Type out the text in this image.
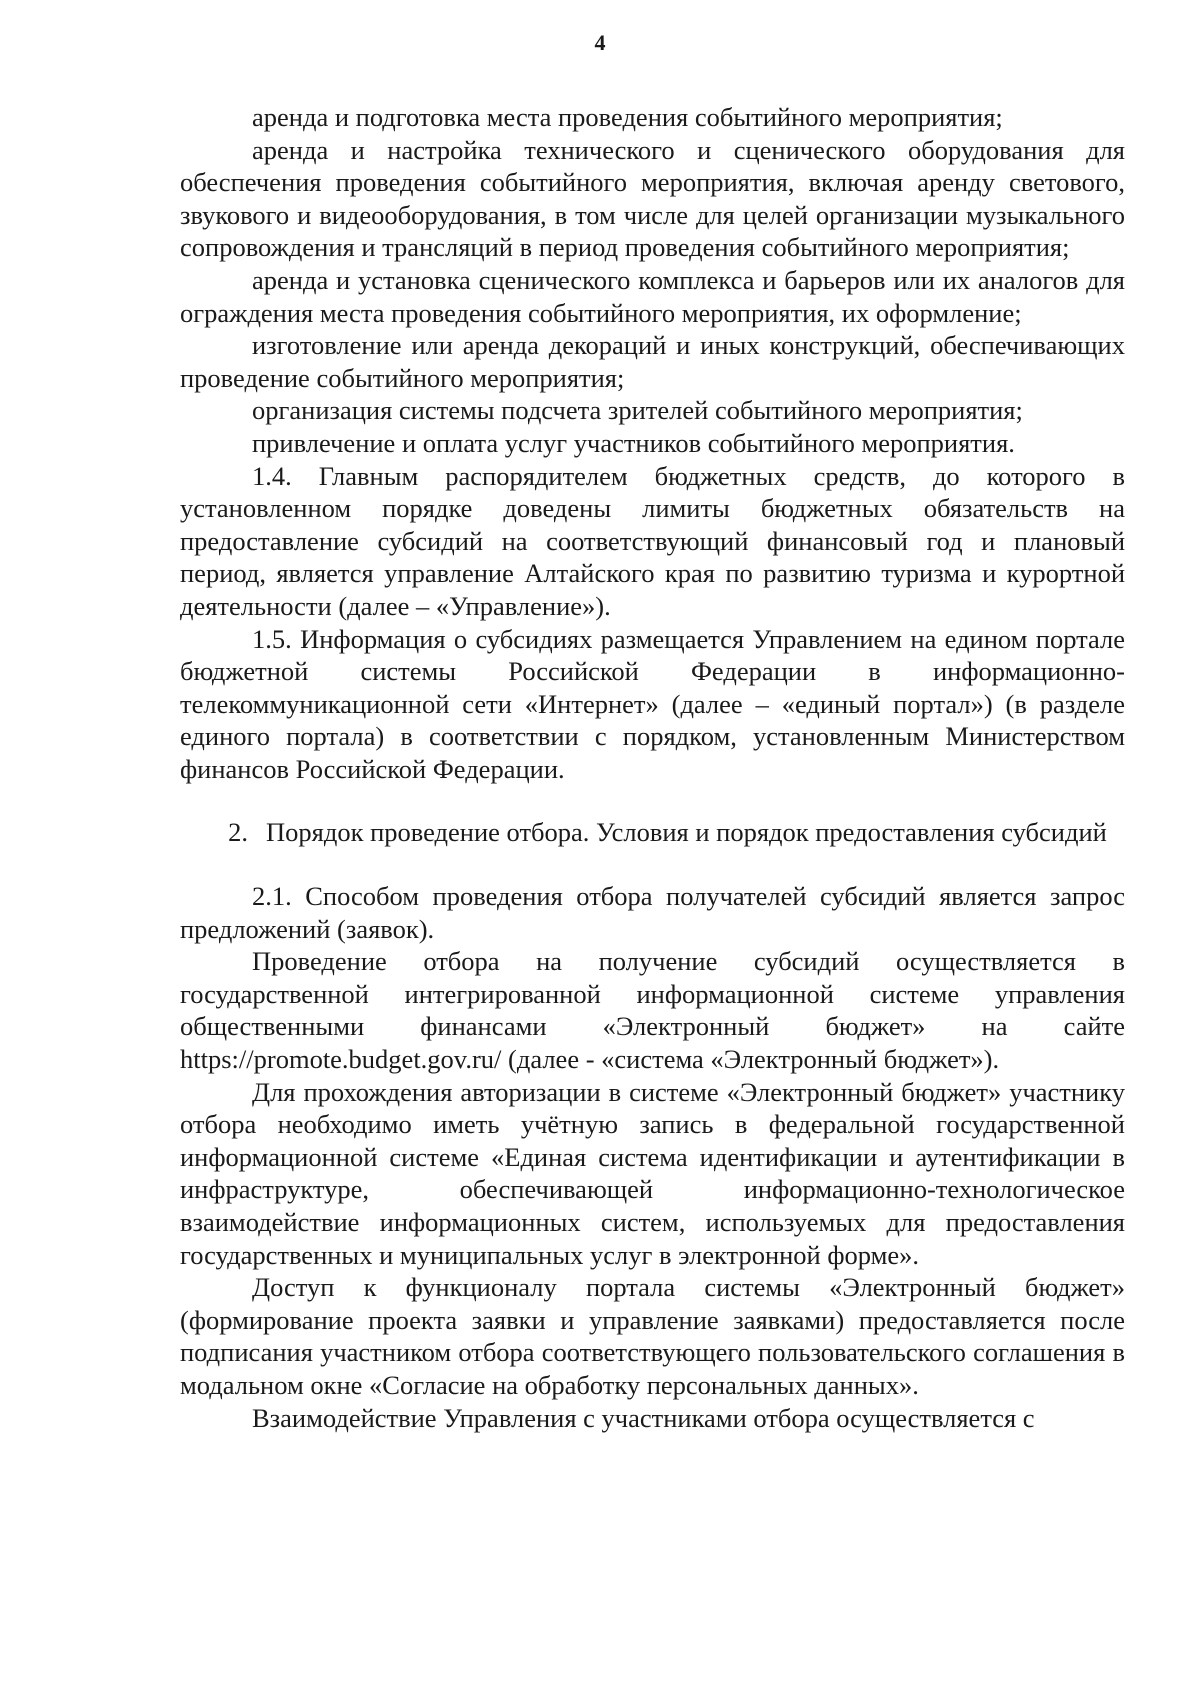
4

аренда и подготовка места проведения событийного мероприятия;

аренда и настройка технического и сценического оборудования для обеспечения проведения событийного мероприятия, включая аренду светового, звукового и видеооборудования, в том числе для целей организации музыкального сопровождения и трансляций в период проведения событийного мероприятия;

аренда и установка сценического комплекса и барьеров или их аналогов для ограждения места проведения событийного мероприятия, их оформление;

изготовление или аренда декораций и иных конструкций, обеспечивающих проведение событийного мероприятия;

организация системы подсчета зрителей событийного мероприятия;

привлечение и оплата услуг участников событийного мероприятия.

1.4. Главным распорядителем бюджетных средств, до которого в установленном порядке доведены лимиты бюджетных обязательств на предоставление субсидий на соответствующий финансовый год и плановый период, является управление Алтайского края по развитию туризма и курортной деятельности (далее – «Управление»).

1.5. Информация о субсидиях размещается Управлением на едином портале бюджетной системы Российской Федерации в информационно-телекоммуникационной сети «Интернет» (далее – «единый портал») (в разделе единого портала) в соответствии с порядком, установленным Министерством финансов Российской Федерации.

2. Порядок проведение отбора. Условия и порядок предоставления субсидий

2.1. Способом проведения отбора получателей субсидий является запрос предложений (заявок).

Проведение отбора на получение субсидий осуществляется в государственной интегрированной информационной системе управления общественными финансами «Электронный бюджет» на сайте https://promote.budget.gov.ru/ (далее - «система «Электронный бюджет»).

Для прохождения авторизации в системе «Электронный бюджет» участнику отбора необходимо иметь учётную запись в федеральной государственной информационной системе «Единая система идентификации и аутентификации в инфраструктуре, обеспечивающей информационно-технологическое взаимодействие информационных систем, используемых для предоставления государственных и муниципальных услуг в электронной форме».

Доступ к функционалу портала системы «Электронный бюджет» (формирование проекта заявки и управление заявками) предоставляется после подписания участником отбора соответствующего пользовательского соглашения в модальном окне «Согласие на обработку персональных данных».

Взаимодействие Управления с участниками отбора осуществляется с
